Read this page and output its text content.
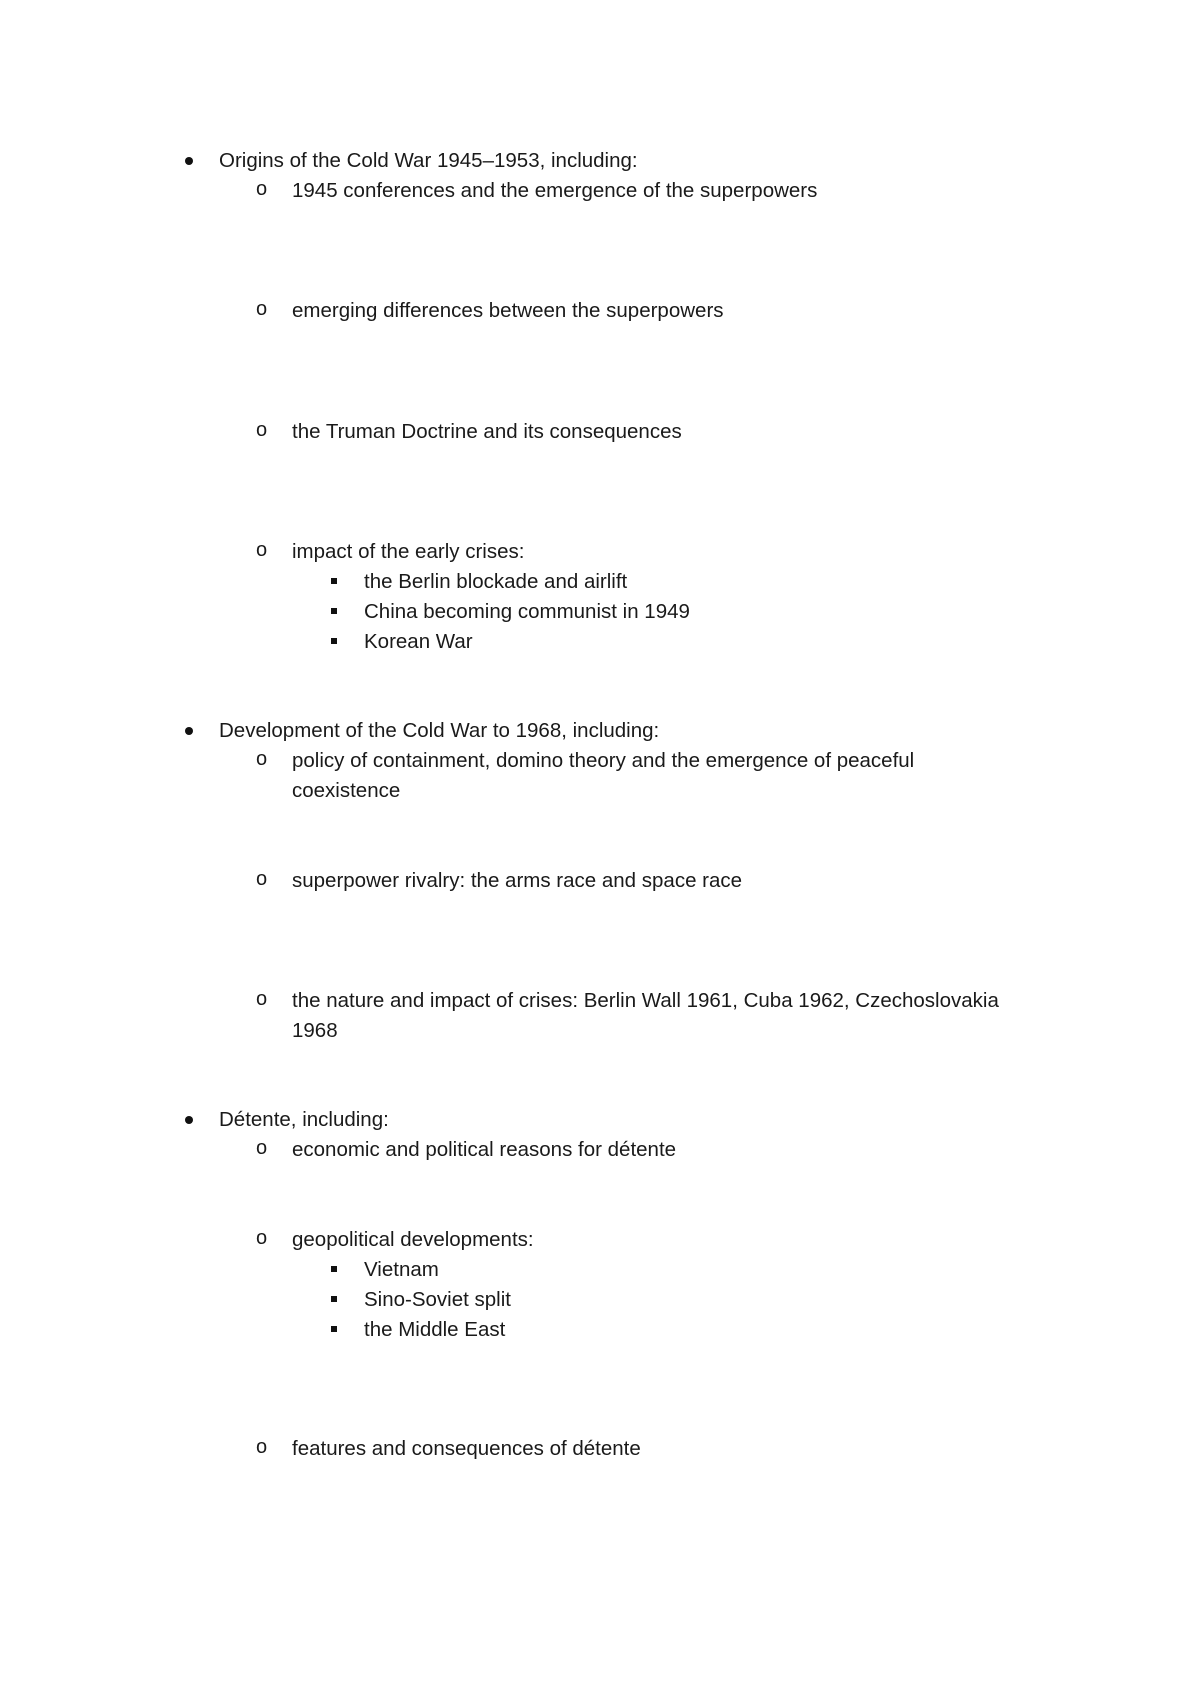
Origins of the Cold War 1945–1953, including:
o 1945 conferences and the emergence of the superpowers
o emerging differences between the superpowers
o the Truman Doctrine and its consequences
o impact of the early crises:
the Berlin blockade and airlift
China becoming communist in 1949
Korean War
Development of the Cold War to 1968, including:
o policy of containment, domino theory and the emergence of peaceful
coexistence
o superpower rivalry: the arms race and space race
o the nature and impact of crises: Berlin Wall 1961, Cuba 1962, Czechoslovakia
1968
Détente, including:
o economic and political reasons for détente
o geopolitical developments:
Vietnam
Sino-Soviet split
the Middle East
o features and consequences of détente
